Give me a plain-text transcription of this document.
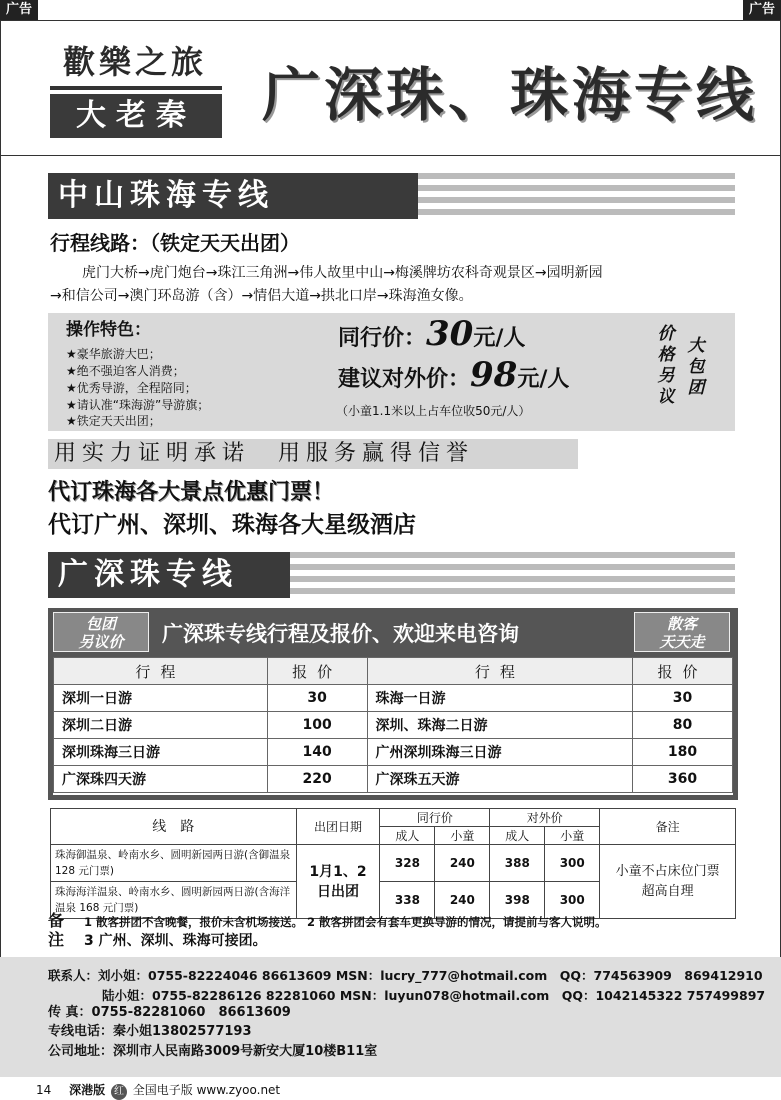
广告	广告
歡樂之旅
大老秦	广深珠、珠海专线
中山珠海专线
行程线路：（铁定天天出团）
虎门大桥→虎门炮台→珠江三角洲→伟人故里中山→梅溪牌坊农科奇观景区→园明新园
→和信公司→澳门环岛游（含）→情侣大道→拱北口岸→珠海渔女像。
操作特色：
★豪华旅游大巴；
★绝不强迫客人消费；
★优秀导游，全程陪同；
★请认准“珠海游”导游旗；
★铁定天天出团；
同行价：30元/人
建议对外价：98元/人
（小童1.1米以上占车位收50元/人）
价格另议
大包团
用实力证明承诺　用服务赢得信誉
代订珠海各大景点优惠门票！
代订广州、深圳、珠海各大星级酒店
广深珠专线
包团
另议价	广深珠专线行程及报价、欢迎来电咨询	散客
天天走
行程	报价	行程	报价
深圳一日游	30	珠海一日游	30
深圳二日游	100	深圳、珠海二日游	80
深圳珠海三日游	140	广州深圳珠海三日游	180
广深珠四天游	220	广深珠五天游	360
线　路	出团日期	同行价		对外价		备注
		成人	小童	成人	小童	
珠海御温泉、岭南水乡、圆明新园两日游(含御温泉 128 元门票)	1月1、2日出团	328	240	388	300	小童不占床位门票超高自理
珠海海洋温泉、岭南水乡、圆明新园两日游(含海洋温泉 168 元门票)		338	240	398	300	
备
注
1 散客拼团不含晚餐，报价未含机场接送。 2 散客拼团会有套车更换导游的情况，请提前与客人说明。
3 广州、深圳、珠海可接团。
联系人：刘小姐：0755-82224046 86613609 MSN：lucry_777@hotmail.com　QQ：774563909　869412910
陆小姐：0755-82286126 82281060 MSN：luyun078@hotmail.com　QQ：1042145322 757499897
传 真：0755-82281060　86613609
专线电话：秦小姐13802577193
公司地址：深圳市人民南路3009号新安大厦10楼B11室
14 深港版 红 全国电子版 www.zyoo.net
